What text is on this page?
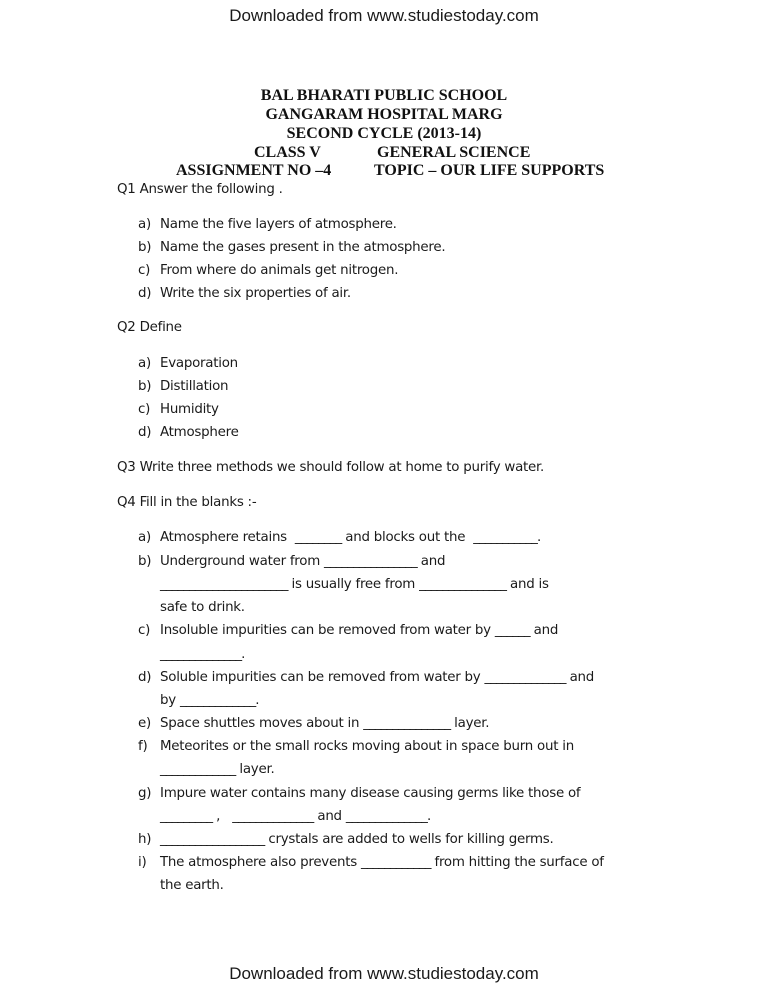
Downloaded from www.studiestoday.com
Downloaded from www.studiestoday.com
BAL BHARATI PUBLIC SCHOOL
GANGARAM HOSPITAL MARG
SECOND CYCLE (2013-14)
CLASS V	GENERAL SCIENCE
ASSIGNMENT NO –4	TOPIC – OUR LIFE SUPPORTS
Q1 Answer the following .
a) Name the five layers of atmosphere.
b) Name the gases present in the atmosphere.
c) From where do animals get nitrogen.
d) Write the six properties of air.
Q2 Define
a) Evaporation
b) Distillation
c) Humidity
d) Atmosphere
Q3 Write three methods we should follow at home to purify water.
Q4 Fill in the blanks :-
a) Atmosphere retains  ________ and blocks out the  ___________.
b) Underground water from ________________ and
______________________ is usually free from _______________ and is
safe to drink.
c) Insoluble impurities can be removed from water by ______ and
______________.
d) Soluble impurities can be removed from water by ______________ and
by _____________.
e) Space shuttles moves about in _______________ layer.
f) Meteorites or the small rocks moving about in space burn out in
_____________ layer.
g) Impure water contains many disease causing germs like those of
_________ ,   ______________ and ______________.
h) __________________ crystals are added to wells for killing germs.
i) The atmosphere also prevents ____________ from hitting the surface of
the earth.
